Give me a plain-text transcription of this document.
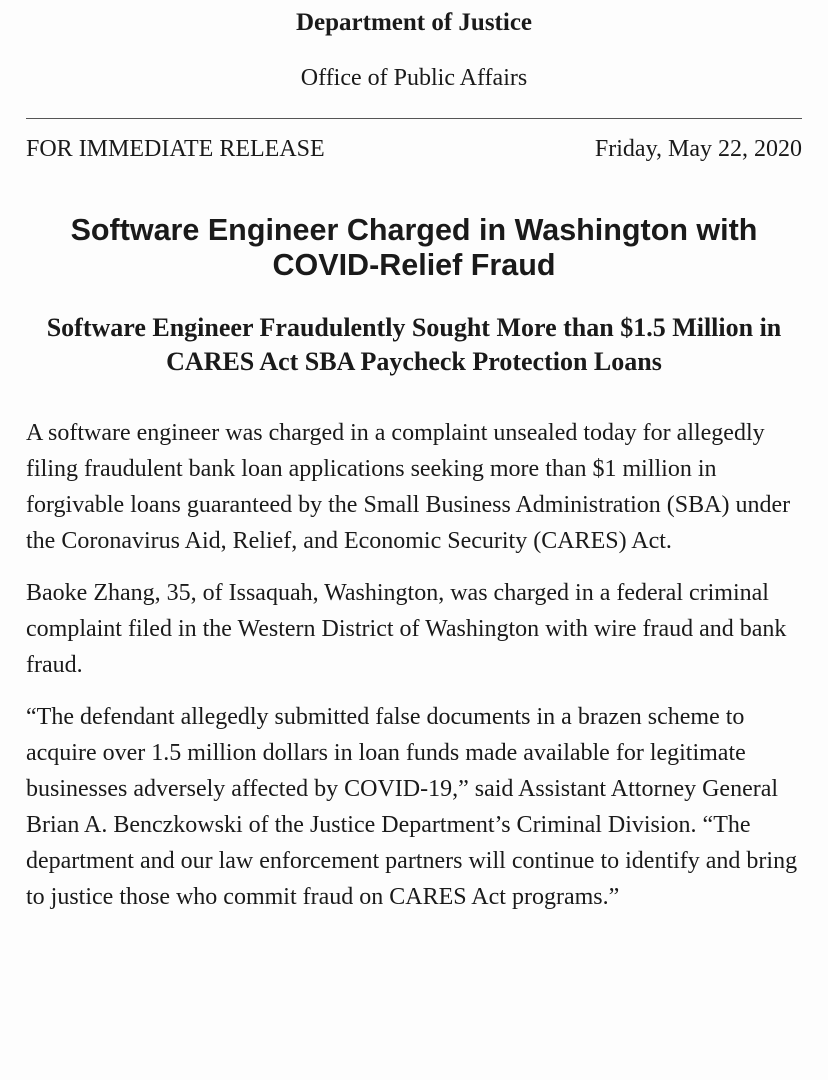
Department of Justice
Office of Public Affairs
FOR IMMEDIATE RELEASE	Friday, May 22, 2020
Software Engineer Charged in Washington with COVID-Relief Fraud
Software Engineer Fraudulently Sought More than $1.5 Million in CARES Act SBA Paycheck Protection Loans

A software engineer was charged in a complaint unsealed today for allegedly filing fraudulent bank loan applications seeking more than $1 million in forgivable loans guaranteed by the Small Business Administration (SBA) under the Coronavirus Aid, Relief, and Economic Security (CARES) Act.

Baoke Zhang, 35, of Issaquah, Washington, was charged in a federal criminal complaint filed in the Western District of Washington with wire fraud and bank fraud.

“The defendant allegedly submitted false documents in a brazen scheme to acquire over 1.5 million dollars in loan funds made available for legitimate businesses adversely affected by COVID-19,” said Assistant Attorney General Brian A. Benczkowski of the Justice Department’s Criminal Division. “The department and our law enforcement partners will continue to identify and bring to justice those who commit fraud on CARES Act programs.”
